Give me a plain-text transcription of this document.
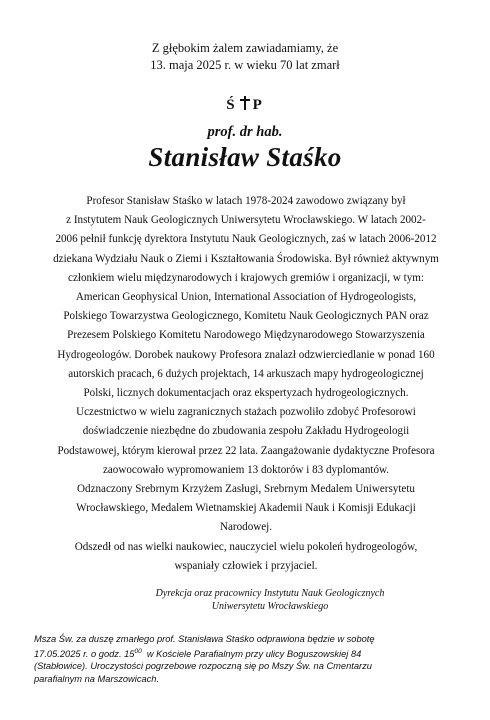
Z głębokim żalem zawiadamiamy, że
13. maja 2025 r. w wieku 70 lat zmarł
Ś P
prof. dr hab.
Stanisław Staśko

Profesor Stanisław Staśko w latach 1978-2024 zawodowo związany był

z Instytutem Nauk Geologicznych Uniwersytetu Wrocławskiego. W latach 2002-

2006 pełnił funkcję dyrektora Instytutu Nauk Geologicznych, zaś w latach 2006-2012

dziekana Wydziału Nauk o Ziemi i Kształtowania Środowiska. Był również aktywnym

członkiem wielu międzynarodowych i krajowych gremiów i organizacji, w tym:

American Geophysical Union, International Association of Hydrogeologists,

Polskiego Towarzystwa Geologicznego, Komitetu Nauk Geologicznych PAN oraz

Prezesem Polskiego Komitetu Narodowego Międzynarodowego Stowarzyszenia

Hydrogeologów. Dorobek naukowy Profesora znalazł odzwierciedlanie w ponad 160

autorskich pracach, 6 dużych projektach, 14 arkuszach mapy hydrogeologicznej

Polski, licznych dokumentacjach oraz ekspertyzach hydrogeologicznych.

Uczestnictwo w wielu zagranicznych stażach pozwoliło zdobyć Profesorowi

doświadczenie niezbędne do zbudowania zespołu Zakładu Hydrogeologii

Podstawowej, którym kierował przez 22 lata. Zaangażowanie dydaktyczne Profesora

zaowocowało wypromowaniem 13 doktorów i 83 dyplomantów.

Odznaczony Srebrnym Krzyżem Zasługi, Srebrnym Medalem Uniwersytetu

Wrocławskiego, Medalem Wietnamskiej Akademii Nauk i Komisji Edukacji

Narodowej.

Odszedł od nas wielki naukowiec, nauczyciel wielu pokoleń hydrogeologów,

wspaniały człowiek i przyjaciel.

Dyrekcja oraz pracownicy Instytutu Nauk Geologicznych
Uniwersytetu Wrocławskiego
Msza Św. za duszę zmarłego prof. Stanisława Staśko odprawiona będzie w sobotę
17.05.2025 r. o godz. $15^{00}$  w Kościele Parafialnym przy ulicy Boguszowskiej 84
(Stabłowice). Uroczystości pogrzebowe rozpoczną się po Mszy Św. na Cmentarzu
parafialnym na Marszowicach.
